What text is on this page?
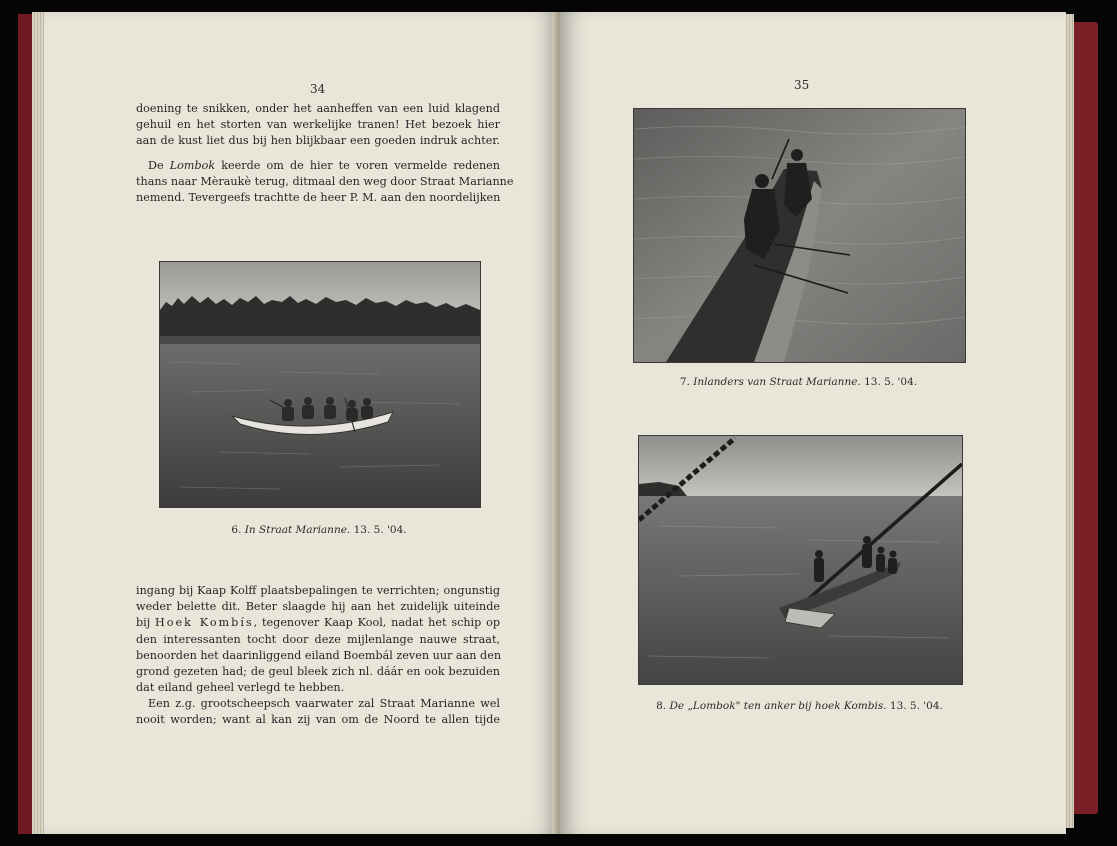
34
doening te snikken, onder het aanheffen van een luid klagend
gehuil en het storten van werkelijke tranen! Het bezoek hier
aan de kust liet dus bij hen blijkbaar een goeden indruk achter.
De Lombok keerde om de hier te voren vermelde redenen
thans naar Mèraukè terug, ditmaal den weg door Straat Marianne
nemend. Tevergeefs trachtte de heer P. M. aan den noordelijken
6. In Straat Marianne. 13. 5. '04.
ingang bij Kaap Kolff plaatsbepalingen te verrichten; ongunstig
weder belette dit. Beter slaagde hij aan het zuidelijk uiteinde
bij Hoek Kombís, tegenover Kaap Kool, nadat het schip op
den interessanten tocht door deze mijlenlange nauwe straat,
benoorden het daarinliggend eiland Boembál zeven uur aan den
grond gezeten had; de geul bleek zich nl. dáár en ook bezuiden
dat eiland geheel verlegd te hebben.
Een z.g. grootscheepsch vaarwater zal Straat Marianne wel
nooit worden; want al kan zij van om de Noord te allen tijde
35
7. Inlanders van Straat Marianne. 13. 5. '04.
8. De „Lombok" ten anker bij hoek Kombis. 13. 5. '04.
